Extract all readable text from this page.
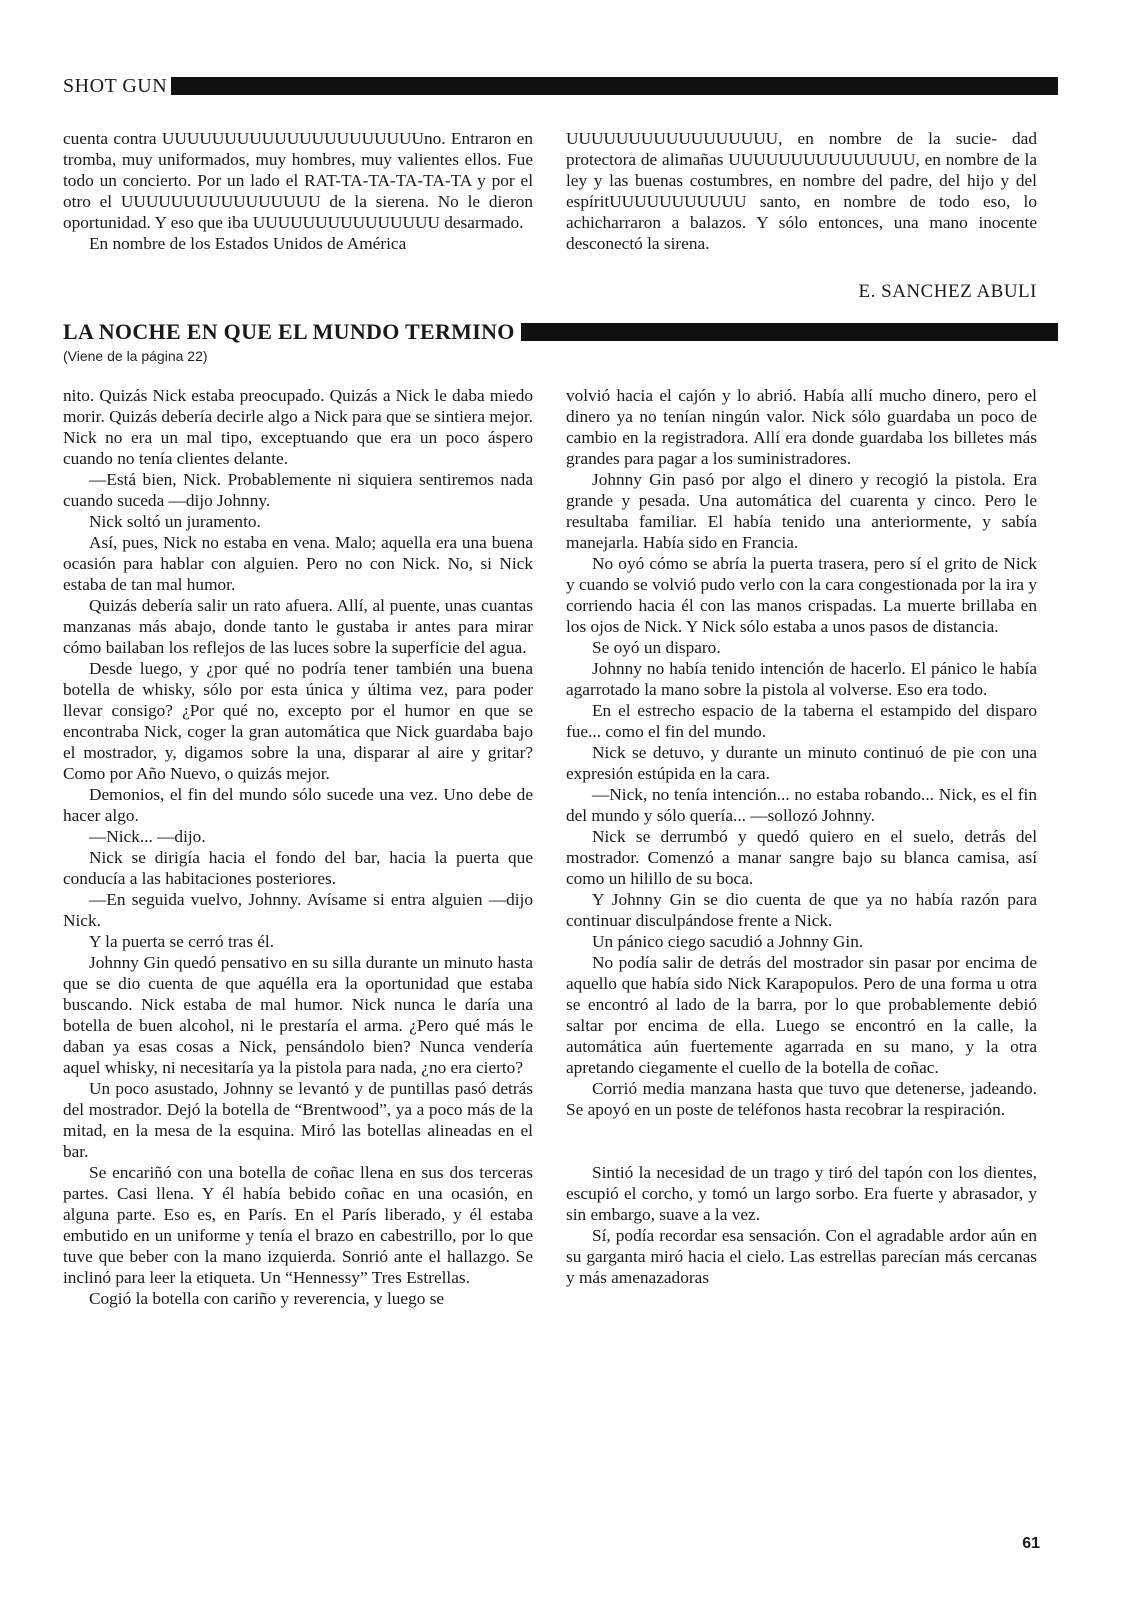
SHOT GUN

cuenta contra UUUUUUUUUUUUUUUUUUUUUno. Entraron en tromba, muy uniformados, muy hombres, muy valientes ellos. Fue todo un concierto. Por un lado el RAT-TA-TA-TA-TA-TA y por el otro el UUUUUUUUUUUUUUUU de la sierena. No le dieron oportunidad. Y eso que iba UUUUUUUUUUUUUUU desarmado.

En nombre de los Estados Unidos de América

UUUUUUUUUUUUUUUUU, en nombre de la sucie- dad protectora de alimañas UUUUUUUUUUUUUUU, en nombre de la ley y las buenas costumbres, en nombre del padre, del hijo y del espíritUUUUUUUUUUU santo, en nombre de todo eso, lo achicharraron a balazos. Y sólo entonces, una mano inocente desconectó la sirena.

E. SANCHEZ ABULI
LA NOCHE EN QUE EL MUNDO TERMINO
(Viene de la página 22)

nito. Quizás Nick estaba preocupado. Quizás a Nick le daba miedo morir. Quizás debería decirle algo a Nick para que se sintiera mejor. Nick no era un mal tipo, exceptuando que era un poco áspero cuando no tenía clientes delante.

—Está bien, Nick. Probablemente ni siquiera sentiremos nada cuando suceda —dijo Johnny.

Nick soltó un juramento.

Así, pues, Nick no estaba en vena. Malo; aquella era una buena ocasión para hablar con alguien. Pero no con Nick. No, si Nick estaba de tan mal humor.

Quizás debería salir un rato afuera. Allí, al puente, unas cuantas manzanas más abajo, donde tanto le gustaba ir antes para mirar cómo bailaban los reflejos de las luces sobre la superficie del agua.

Desde luego, y ¿por qué no podría tener también una buena botella de whisky, sólo por esta única y última vez, para poder llevar consigo? ¿Por qué no, excepto por el humor en que se encontraba Nick, coger la gran automática que Nick guardaba bajo el mostrador, y, digamos sobre la una, disparar al aire y gritar? Como por Año Nuevo, o quizás mejor.

Demonios, el fin del mundo sólo sucede una vez. Uno debe de hacer algo.

—Nick... —dijo.

Nick se dirigía hacia el fondo del bar, hacia la puerta que conducía a las habitaciones posteriores.

—En seguida vuelvo, Johnny. Avísame si entra alguien —dijo Nick.

Y la puerta se cerró tras él.

Johnny Gin quedó pensativo en su silla durante un minuto hasta que se dio cuenta de que aquélla era la oportunidad que estaba buscando. Nick estaba de mal humor. Nick nunca le daría una botella de buen alcohol, ni le prestaría el arma. ¿Pero qué más le daban ya esas cosas a Nick, pensándolo bien? Nunca vendería aquel whisky, ni necesitaría ya la pistola para nada, ¿no era cierto?

Un poco asustado, Johnny se levantó y de puntillas pasó detrás del mostrador. Dejó la botella de “Brentwood”, ya a poco más de la mitad, en la mesa de la esquina. Miró las botellas alineadas en el bar.

Se encariñó con una botella de coñac llena en sus dos terceras partes. Casi llena. Y él había bebido coñac en una ocasión, en alguna parte. Eso es, en París. En el París liberado, y él estaba embutido en un uniforme y tenía el brazo en cabestrillo, por lo que tuve que beber con la mano izquierda. Sonrió ante el hallazgo. Se inclinó para leer la etiqueta. Un “Hennessy” Tres Estrellas.

Cogió la botella con cariño y reverencia, y luego se

volvió hacia el cajón y lo abrió. Había allí mucho dinero, pero el dinero ya no tenían ningún valor. Nick sólo guardaba un poco de cambio en la registradora. Allí era donde guardaba los billetes más grandes para pagar a los suministradores.

Johnny Gin pasó por algo el dinero y recogió la pistola. Era grande y pesada. Una automática del cuarenta y cinco. Pero le resultaba familiar. El había tenido una anteriormente, y sabía manejarla. Había sido en Francia.

No oyó cómo se abría la puerta trasera, pero sí el grito de Nick y cuando se volvió pudo verlo con la cara congestionada por la ira y corriendo hacia él con las manos crispadas. La muerte brillaba en los ojos de Nick. Y Nick sólo estaba a unos pasos de distancia.

Se oyó un disparo.

Johnny no había tenido intención de hacerlo. El pánico le había agarrotado la mano sobre la pistola al volverse. Eso era todo.

En el estrecho espacio de la taberna el estampido del disparo fue... como el fin del mundo.

Nick se detuvo, y durante un minuto continuó de pie con una expresión estúpida en la cara.

—Nick, no tenía intención... no estaba robando... Nick, es el fin del mundo y sólo quería... —sollozó Johnny.

Nick se derrumbó y quedó quiero en el suelo, detrás del mostrador. Comenzó a manar sangre bajo su blanca camisa, así como un hilillo de su boca.

Y Johnny Gin se dio cuenta de que ya no había razón para continuar disculpándose frente a Nick.

Un pánico ciego sacudió a Johnny Gin.

No podía salir de detrás del mostrador sin pasar por encima de aquello que había sido Nick Karapopulos. Pero de una forma u otra se encontró al lado de la barra, por lo que probablemente debió saltar por encima de ella. Luego se encontró en la calle, la automática aún fuertemente agarrada en su mano, y la otra apretando ciegamente el cuello de la botella de coñac.

Corrió media manzana hasta que tuvo que detenerse, jadeando. Se apoyó en un poste de teléfonos hasta recobrar la respiración.

Sintió la necesidad de un trago y tiró del tapón con los dientes, escupió el corcho, y tomó un largo sorbo. Era fuerte y abrasador, y sin embargo, suave a la vez.

Sí, podía recordar esa sensación. Con el agradable ardor aún en su garganta miró hacia el cielo. Las estrellas parecían más cercanas y más amenazadoras

61
